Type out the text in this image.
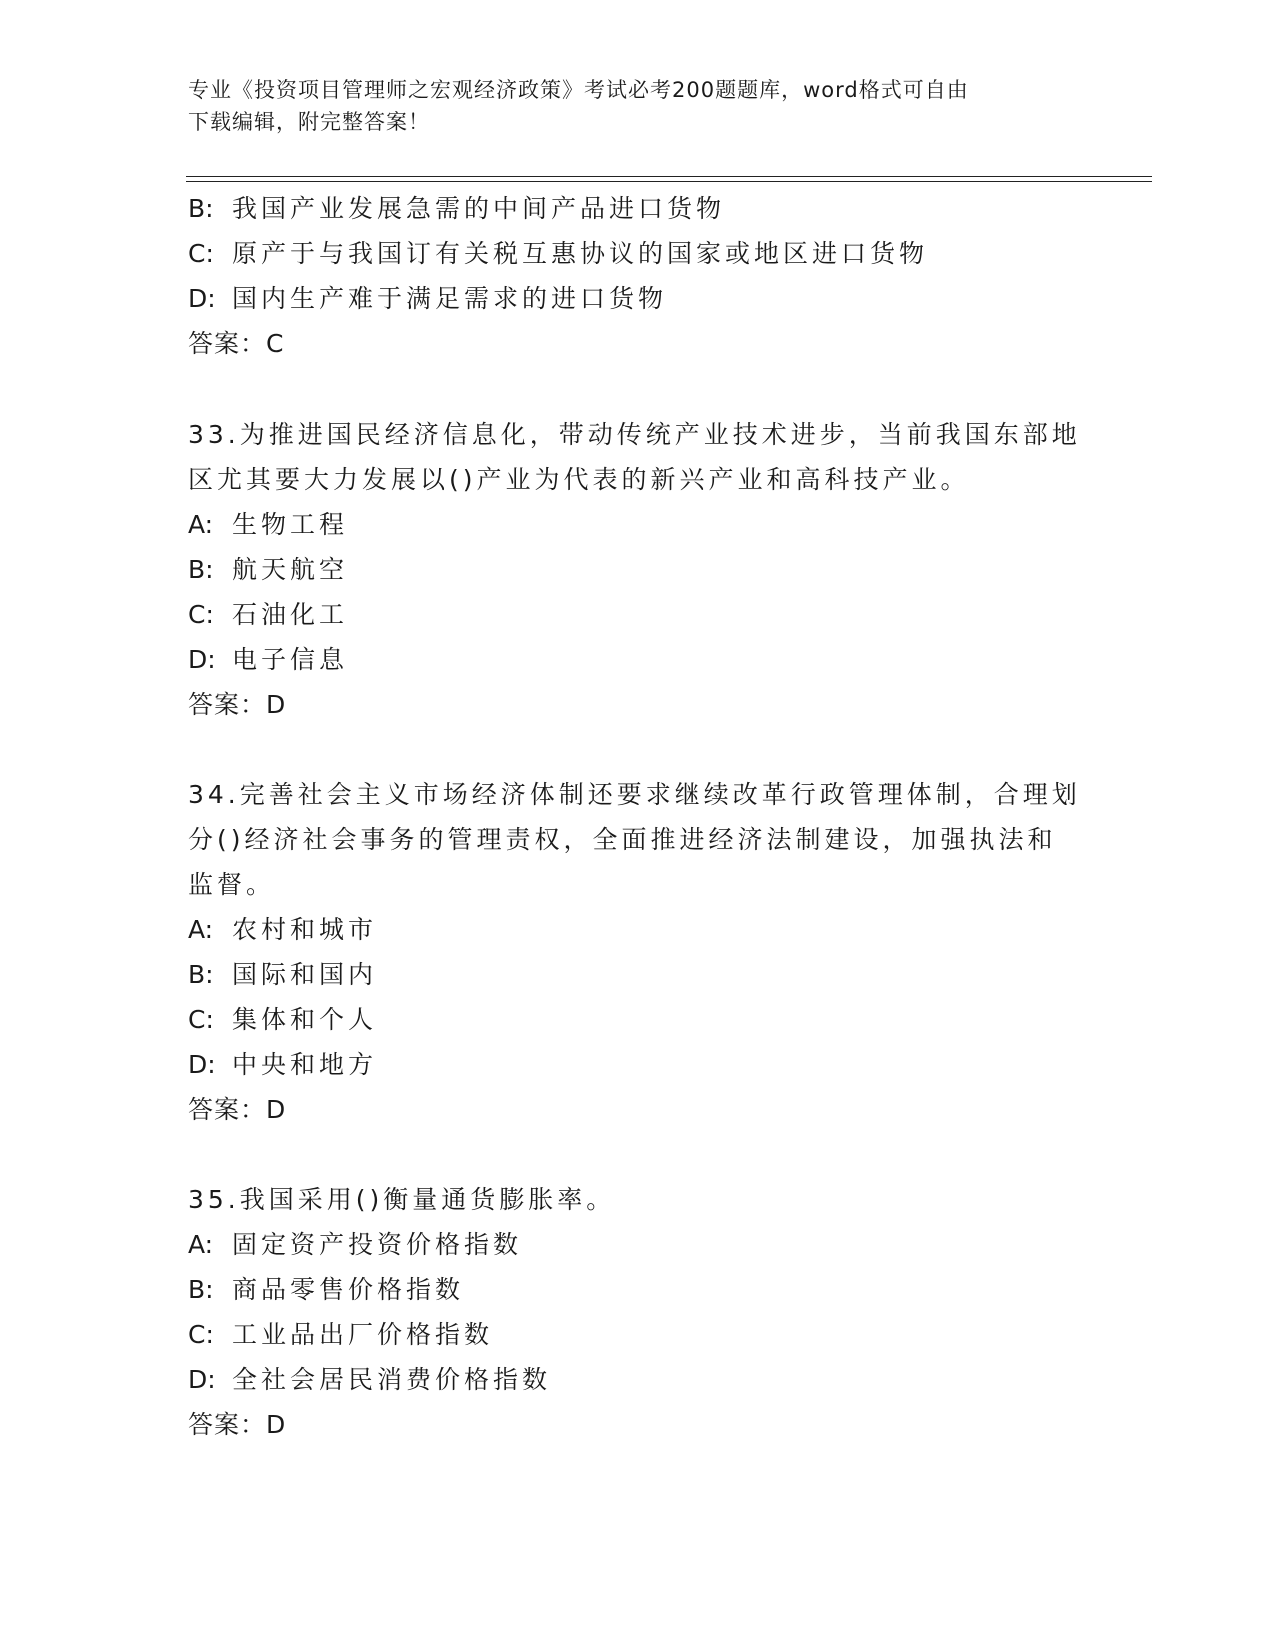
专业《投资项目管理师之宏观经济政策》考试必考200题题库，word格式可自由
下载编辑，附完整答案！
B: 我国产业发展急需的中间产品进口货物
C: 原产于与我国订有关税互惠协议的国家或地区进口货物
D: 国内生产难于满足需求的进口货物
答案：C
33.为推进国民经济信息化，带动传统产业技术进步，当前我国东部地
区尤其要大力发展以()产业为代表的新兴产业和高科技产业。
A: 生物工程
B: 航天航空
C: 石油化工
D: 电子信息
答案：D
34.完善社会主义市场经济体制还要求继续改革行政管理体制，合理划
分()经济社会事务的管理责权，全面推进经济法制建设，加强执法和
监督。
A: 农村和城市
B: 国际和国内
C: 集体和个人
D: 中央和地方
答案：D
35.我国采用()衡量通货膨胀率。
A: 固定资产投资价格指数
B: 商品零售价格指数
C: 工业品出厂价格指数
D: 全社会居民消费价格指数
答案：D
